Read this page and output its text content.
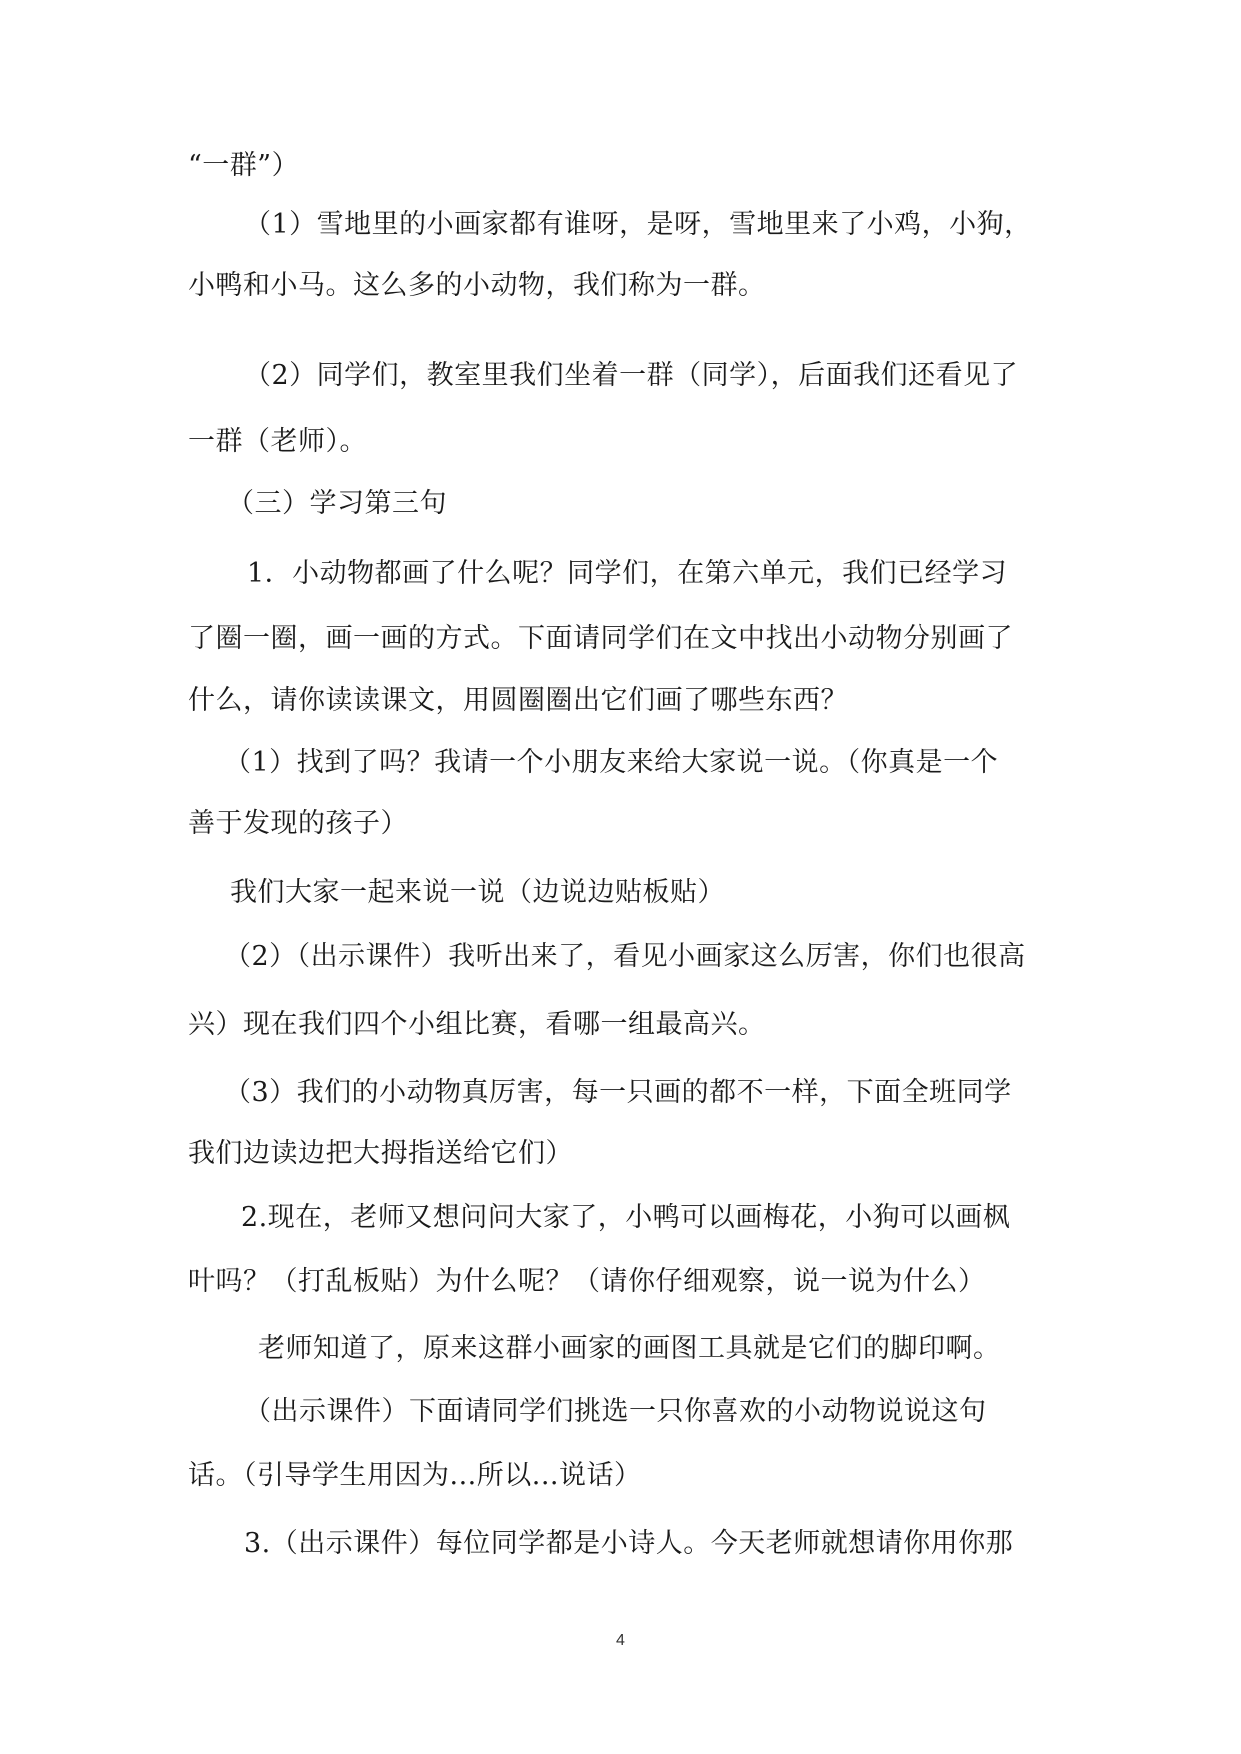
“一群”）
（1）雪地里的小画家都有谁呀，是呀，雪地里来了小鸡，小狗，
小鸭和小马。这么多的小动物，我们称为一群。
（2）同学们，教室里我们坐着一群（同学），后面我们还看见了
一群（老师）。
（三）学习第三句
1．小动物都画了什么呢？同学们，在第六单元，我们已经学习
了圈一圈，画一画的方式。下面请同学们在文中找出小动物分别画了
什么，请你读读课文，用圆圈圈出它们画了哪些东西？
（1）找到了吗？我请一个小朋友来给大家说一说。（你真是一个
善于发现的孩子）
我们大家一起来说一说（边说边贴板贴）
（2）（出示课件）我听出来了，看见小画家这么厉害，你们也很高
兴）现在我们四个小组比赛，看哪一组最高兴。
（3）我们的小动物真厉害，每一只画的都不一样，下面全班同学
我们边读边把大拇指送给它们）
2.现在，老师又想问问大家了，小鸭可以画梅花，小狗可以画枫
叶吗？（打乱板贴）为什么呢？（请你仔细观察，说一说为什么）
老师知道了，原来这群小画家的画图工具就是它们的脚印啊。
（出示课件）下面请同学们挑选一只你喜欢的小动物说说这句
话。（引导学生用因为...所以...说话）
3.（出示课件）每位同学都是小诗人。今天老师就想请你用你那
4
